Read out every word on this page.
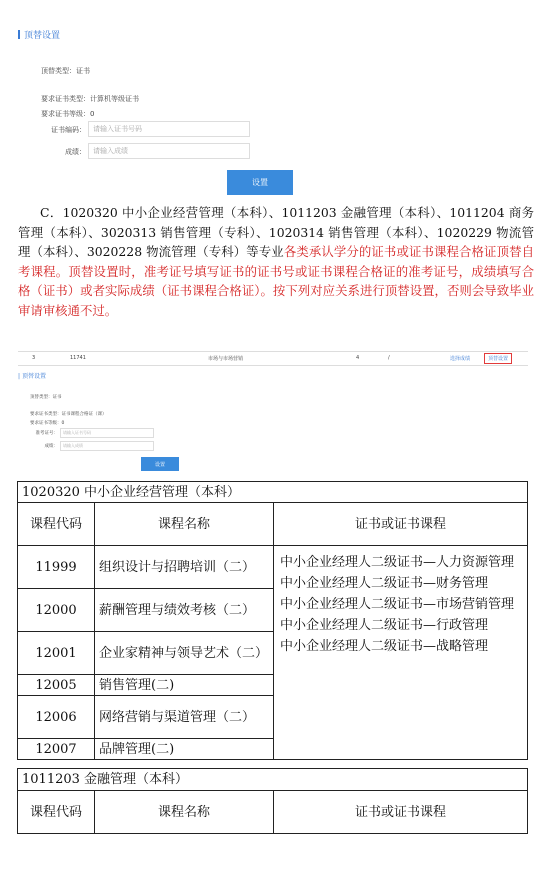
顶替设置
顶替类型：证书
要求证书类型：计算机等级证书
要求证书等级：0
证书编码：	请输入证书号码
成绩：	请输入成绩
设置

C．1020320 中小企业经营管理（本科）、1011203 金融管理（本科）、1011204 商务管理（本科）、3020313 销售管理（专科）、1020314 销售管理（本科）、1020229 物流管理（本科）、3020228 物流管理（专科）等专业各类承认学分的证书或证书课程合格证顶替自考课程。顶替设置时，准考证号填写证书的证书号或证书课程合格证的准考证号，成绩填写合格（证书）或者实际成绩（证书课程合格证）。按下列对应关系进行顶替设置，否则会导致毕业审请审核通不过。

3	11741	市场与市场营销	4	/	选择成绩	顶替设置
| 顶替设置
顶替类型：证书
要求证书类型：证书课程合格证（课）
要求证书等级：0
准考证号：	请输入证书号码
成绩：	请输入成绩
设置
1020320 中小企业经营管理（本科）		
课程代码	课程名称	证书或证书课程
11999	组织设计与招聘培训（二）	中小企业经理人二级证书—人力资源管理
中小企业经理人二级证书—财务管理
中小企业经理人二级证书—市场营销管理
中小企业经理人二级证书—行政管理
中小企业经理人二级证书—战略管理

12000	薪酬管理与绩效考核（二）	
12001	企业家精神与领导艺术（二）	
12005	销售管理(二)	
12006	网络营销与渠道管理（二）	
12007	品牌管理(二)	
1011203 金融管理（本科）
课程代码	课程名称	证书或证书课程
